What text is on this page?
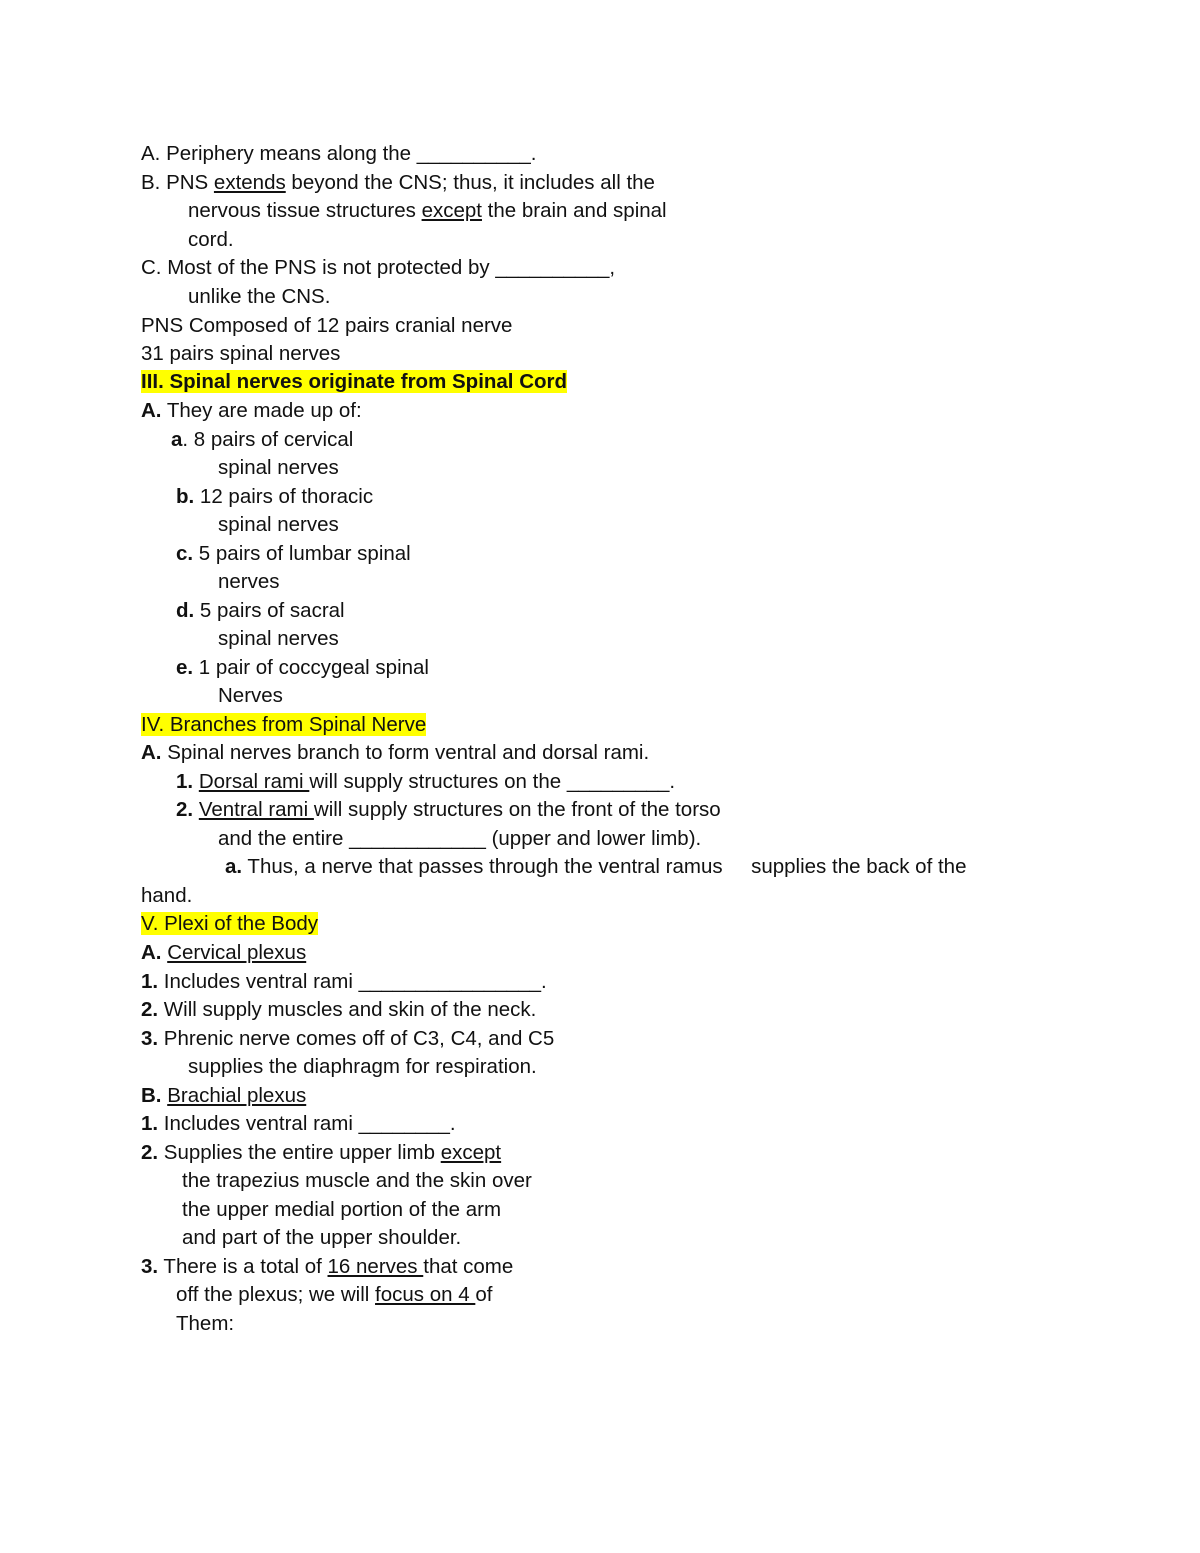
A. Periphery means along the __________.
B. PNS extends beyond the CNS; thus, it includes all the
nervous tissue structures except the brain and spinal
cord.
C. Most of the PNS is not protected by __________,
unlike the CNS.
PNS Composed of 12 pairs cranial nerve
31 pairs spinal nerves
III. Spinal nerves originate from Spinal Cord
A. They are made up of:
a. 8 pairs of cervical
spinal nerves
b. 12 pairs of thoracic
spinal nerves
c. 5 pairs of lumbar spinal
nerves
d. 5 pairs of sacral
spinal nerves
e. 1 pair of coccygeal spinal
Nerves
IV. Branches from Spinal Nerve
A. Spinal nerves branch to form ventral and dorsal rami.
1. Dorsal rami will supply structures on the _________.
2. Ventral rami will supply structures on the front of the torso
and the entire ____________ (upper and lower limb).
a. Thus, a nerve that passes through the ventral ramus     supplies the back of the
hand.
V. Plexi of the Body
A. Cervical plexus
1. Includes ventral rami ________________.
2. Will supply muscles and skin of the neck.
3. Phrenic nerve comes off of C3, C4, and C5
supplies the diaphragm for respiration.
B. Brachial plexus
1. Includes ventral rami ________.
2. Supplies the entire upper limb except
the trapezius muscle and the skin over
the upper medial portion of the arm
and part of the upper shoulder.
3. There is a total of 16 nerves that come
off the plexus; we will focus on 4 of
Them:
